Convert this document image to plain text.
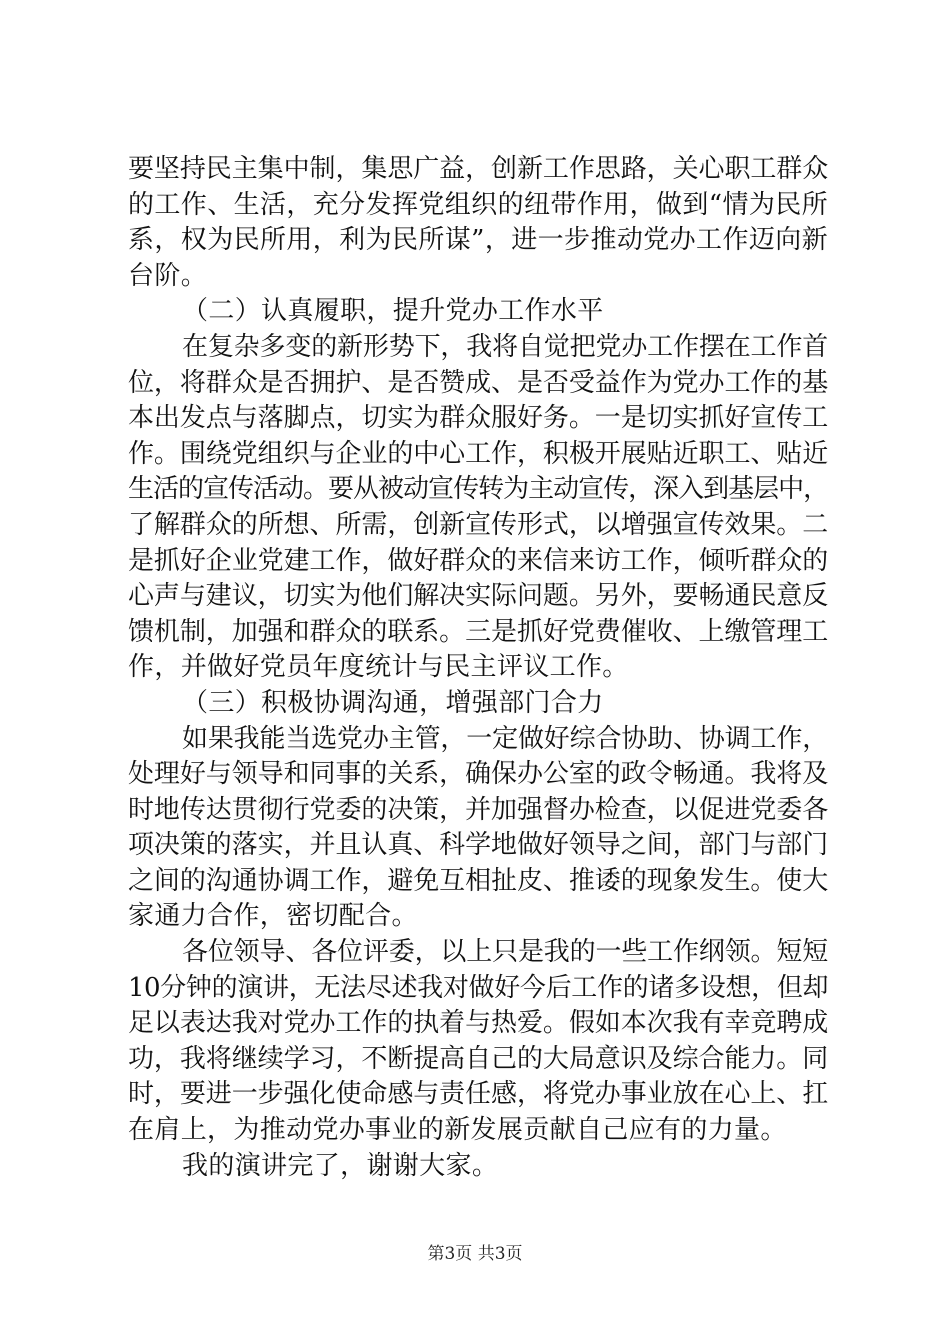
要坚持民主集中制，集思广益，创新工作思路，关心职工群众
的工作、生活，充分发挥党组织的纽带作用，做到“情为民所
系，权为民所用，利为民所谋”，进一步推动党办工作迈向新
台阶。
（二）认真履职，提升党办工作水平
在复杂多变的新形势下，我将自觉把党办工作摆在工作首
位，将群众是否拥护、是否赞成、是否受益作为党办工作的基
本出发点与落脚点，切实为群众服好务。一是切实抓好宣传工
作。围绕党组织与企业的中心工作，积极开展贴近职工、贴近
生活的宣传活动。要从被动宣传转为主动宣传，深入到基层中，
了解群众的所想、所需，创新宣传形式，以增强宣传效果。二
是抓好企业党建工作，做好群众的来信来访工作，倾听群众的
心声与建议，切实为他们解决实际问题。另外，要畅通民意反
馈机制，加强和群众的联系。三是抓好党费催收、上缴管理工
作，并做好党员年度统计与民主评议工作。
（三）积极协调沟通，增强部门合力
如果我能当选党办主管，一定做好综合协助、协调工作，
处理好与领导和同事的关系，确保办公室的政令畅通。我将及
时地传达贯彻行党委的决策，并加强督办检查，以促进党委各
项决策的落实，并且认真、科学地做好领导之间，部门与部门
之间的沟通协调工作，避免互相扯皮、推诿的现象发生。使大
家通力合作，密切配合。
各位领导、各位评委，以上只是我的一些工作纲领。短短
10分钟的演讲，无法尽述我对做好今后工作的诸多设想，但却
足以表达我对党办工作的执着与热爱。假如本次我有幸竞聘成
功，我将继续学习，不断提高自己的大局意识及综合能力。同
时，要进一步强化使命感与责任感，将党办事业放在心上、扛
在肩上，为推动党办事业的新发展贡献自己应有的力量。
我的演讲完了，谢谢大家。
第3页 共3页
